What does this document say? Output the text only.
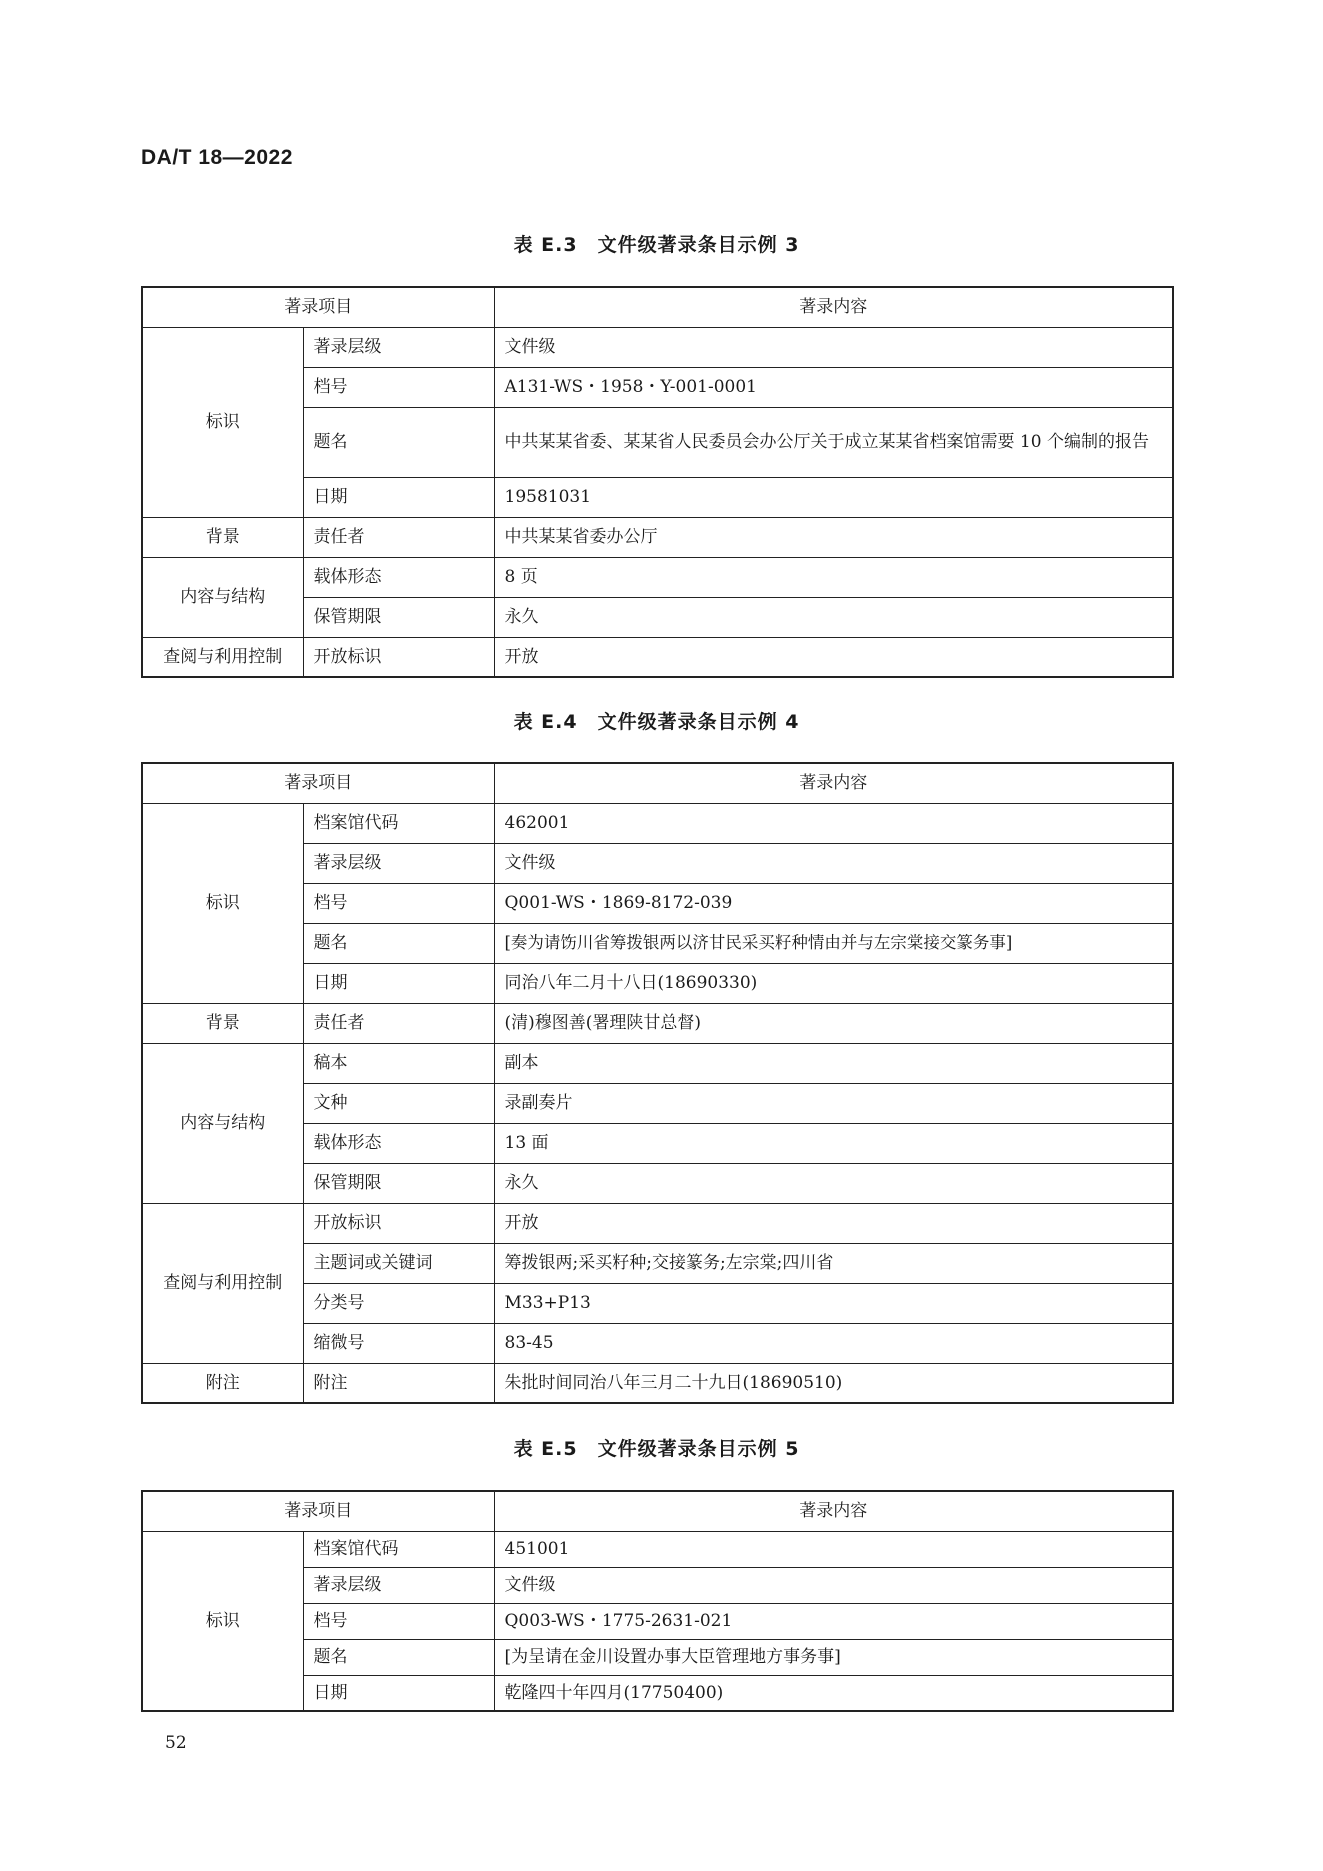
DA/T 18—2022
表 E.3　文件级著录条目示例 3
著录项目		著录内容
标识	著录层级	文件级
	档号	A131-WS・1958・Y-001-0001
	题名	中共某某省委、某某省人民委员会办公厅关于成立某某省档案馆需要 10 个编制的报告
	日期	19581031
背景	责任者	中共某某省委办公厅
内容与结构	载体形态	8 页
	保管期限	永久
查阅与利用控制	开放标识	开放
表 E.4　文件级著录条目示例 4
著录项目		著录内容
标识	档案馆代码	462001
	著录层级	文件级
	档号	Q001-WS・1869-8172-039
	题名	[奏为请饬川省筹拨银两以济甘民采买籽种情由并与左宗棠接交篆务事]
	日期	同治八年二月十八日(18690330)
背景	责任者	(清)穆图善(署理陕甘总督)
内容与结构	稿本	副本
	文种	录副奏片
	载体形态	13 面
	保管期限	永久
查阅与利用控制	开放标识	开放
	主题词或关键词	筹拨银两;采买籽种;交接篆务;左宗棠;四川省
	分类号	M33+P13
	缩微号	83-45
附注	附注	朱批时间同治八年三月二十九日(18690510)
表 E.5　文件级著录条目示例 5
著录项目		著录内容
标识	档案馆代码	451001
	著录层级	文件级
	档号	Q003-WS・1775-2631-021
	题名	[为呈请在金川设置办事大臣管理地方事务事]
	日期	乾隆四十年四月(17750400)
52
